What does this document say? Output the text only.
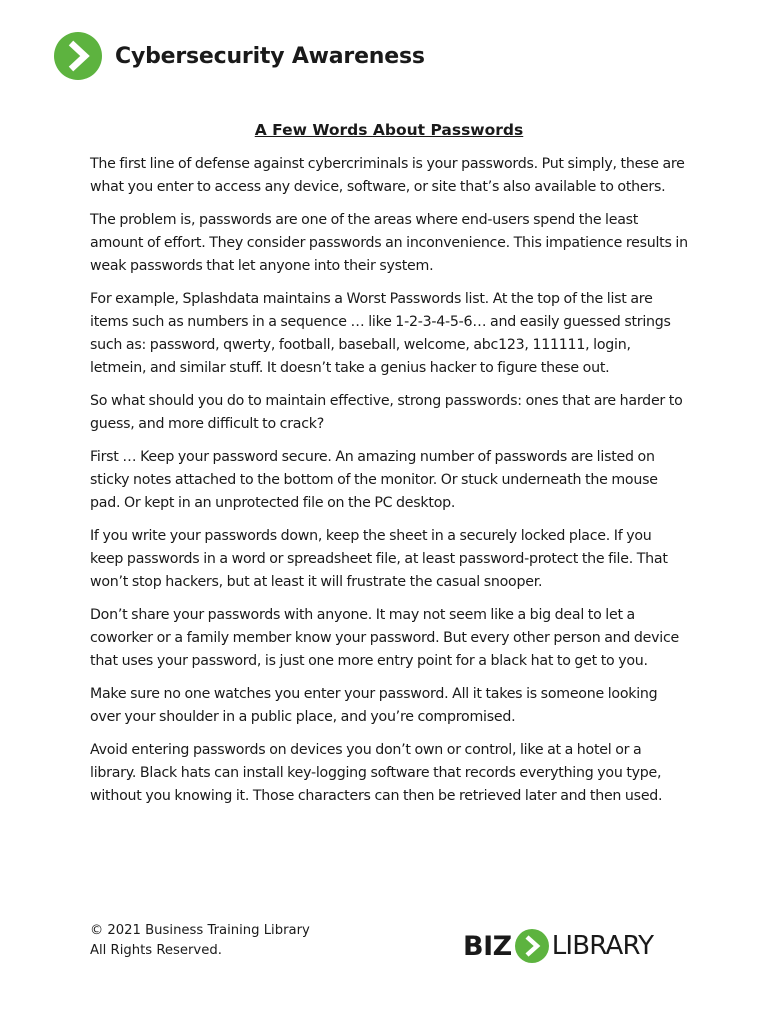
Cybersecurity Awareness
A Few Words About Passwords

The first line of defense against cybercriminals is your passwords. Put simply, these are what you enter to access any device, software, or site that’s also available to others.

The problem is, passwords are one of the areas where end-users spend the least amount of effort. They consider passwords an inconvenience. This impatience results in weak passwords that let anyone into their system.

For example, Splashdata maintains a Worst Passwords list. At the top of the list are items such as numbers in a sequence … like 1-2-3-4-5-6… and easily guessed strings such as: password, qwerty, football, baseball, welcome, abc123, 111111, login, letmein, and similar stuff. It doesn’t take a genius hacker to figure these out.

So what should you do to maintain effective, strong passwords: ones that are harder to guess, and more difficult to crack?

First … Keep your password secure. An amazing number of passwords are listed on sticky notes attached to the bottom of the monitor. Or stuck underneath the mouse pad. Or kept in an unprotected file on the PC desktop.

If you write your passwords down, keep the sheet in a securely locked place. If you keep passwords in a word or spreadsheet file, at least password-protect the file. That won’t stop hackers, but at least it will frustrate the casual snooper.

Don’t share your passwords with anyone. It may not seem like a big deal to let a coworker or a family member know your password. But every other person and device that uses your password, is just one more entry point for a black hat to get to you.

Make sure no one watches you enter your password. All it takes is someone looking over your shoulder in a public place, and you’re compromised.

Avoid entering passwords on devices you don’t own or control, like at a hotel or a library. Black hats can install key-logging software that records everything you type, without you knowing it. Those characters can then be retrieved later and then used.

© 2021 Business Training Library
All Rights Reserved.	BIZ LIBRARY
